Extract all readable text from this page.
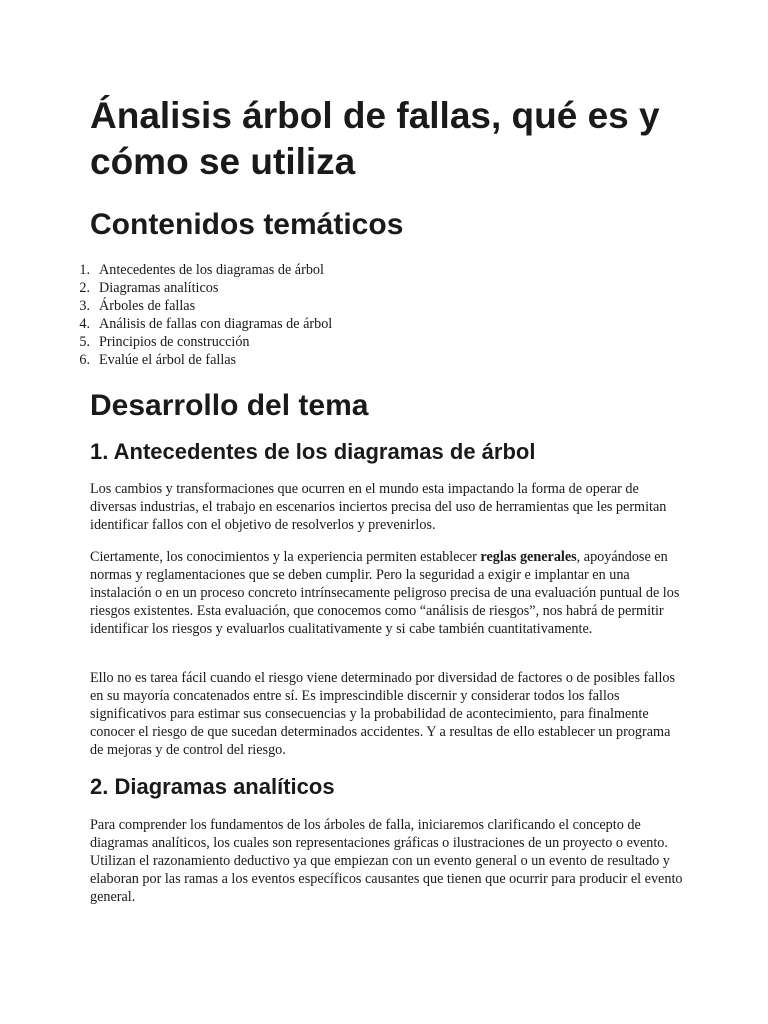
Ánalisis árbol de fallas, qué es y cómo se utiliza
Contenidos temáticos
1. Antecedentes de los diagramas de árbol
2. Diagramas analíticos
3. Árboles de fallas
4. Análisis de fallas con diagramas de árbol
5. Principios de construcción
6. Evalúe el árbol de fallas
Desarrollo del tema
1. Antecedentes de los diagramas de árbol

Los cambios y transformaciones que ocurren en el mundo esta impactando la forma de operar de diversas industrias, el trabajo en escenarios inciertos precisa del uso de herramientas que les permitan identificar fallos con el objetivo de resolverlos y prevenirlos.

Ciertamente, los conocimientos y la experiencia permiten establecer reglas generales, apoyándose en normas y reglamentaciones que se deben cumplir. Pero la seguridad a exigir e implantar en una instalación o en un proceso concreto intrínsecamente peligroso precisa de una evaluación puntual de los riesgos existentes. Esta evaluación, que conocemos como “análisis de riesgos”, nos habrá de permitir identificar los riesgos y evaluarlos cualitativamente y si cabe también cuantitativamente.

Ello no es tarea fácil cuando el riesgo viene determinado por diversidad de factores o de posibles fallos en su mayoría concatenados entre sí. Es imprescindible discernir y considerar todos los fallos significativos para estimar sus consecuencias y la probabilidad de acontecimiento, para finalmente conocer el riesgo de que sucedan determinados accidentes. Y a resultas de ello establecer un programa de mejoras y de control del riesgo.

2. Diagramas analíticos

Para comprender los fundamentos de los árboles de falla, iniciaremos clarificando el concepto de diagramas analíticos, los cuales son representaciones gráficas o ilustraciones de un proyecto o evento. Utilizan el razonamiento deductivo ya que empiezan con un evento general o un evento de resultado y elaboran por las ramas a los eventos específicos causantes que tienen que ocurrir para producir el evento general.
